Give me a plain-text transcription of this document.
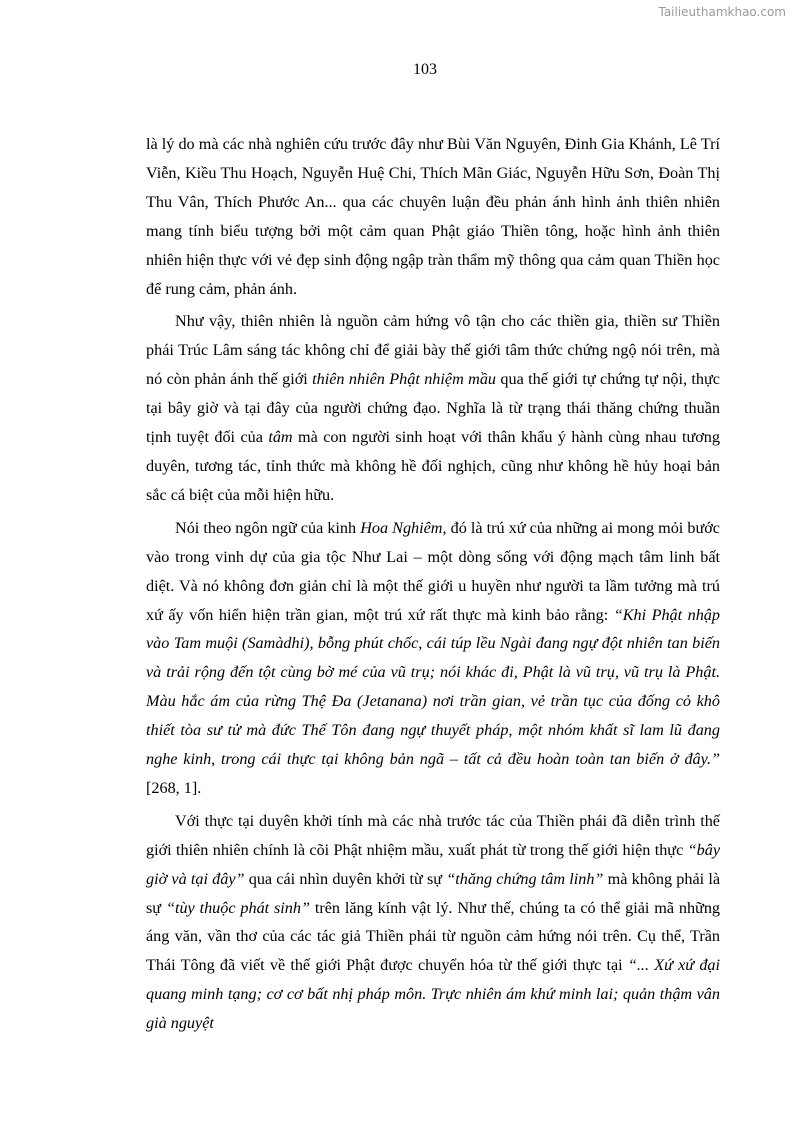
Tailieuthamkhao.com
103

là lý do mà các nhà nghiên cứu trước đây như Bùi Văn Nguyên, Đinh Gia Khánh, Lê Trí Viễn, Kiều Thu Hoạch, Nguyễn Huệ Chi, Thích Mãn Giác, Nguyễn Hữu Sơn, Đoàn Thị Thu Vân, Thích Phước An... qua các chuyên luận đều phản ánh hình ảnh thiên nhiên mang tính biểu tượng bởi một cảm quan Phật giáo Thiền tông, hoặc hình ảnh thiên nhiên hiện thực với vẻ đẹp sinh động ngập tràn thẩm mỹ thông qua cảm quan Thiền học để rung cảm, phản ánh.

Như vậy, thiên nhiên là nguồn cảm hứng vô tận cho các thiền gia, thiền sư Thiền phái Trúc Lâm sáng tác không chỉ để giải bày thế giới tâm thức chứng ngộ nói trên, mà nó còn phản ánh thế giới thiên nhiên Phật nhiệm mầu qua thế giới tự chứng tự nội, thực tại bây giờ và tại đây của người chứng đạo. Nghĩa là từ trạng thái thăng chứng thuần tịnh tuyệt đối của tâm mà con người sinh hoạt với thân khẩu ý hành cùng nhau tương duyên, tương tác, tỉnh thức mà không hề đối nghịch, cũng như không hề hủy hoại bản sắc cá biệt của mỗi hiện hữu.

Nói theo ngôn ngữ của kinh Hoa Nghiêm, đó là trú xứ của những ai mong mỏi bước vào trong vinh dự của gia tộc Như Lai – một dòng sống với động mạch tâm linh bất diệt. Và nó không đơn giản chỉ là một thế giới u huyền như người ta lầm tưởng mà trú xứ ấy vốn hiển hiện trần gian, một trú xứ rất thực mà kinh bảo rằng: “Khi Phật nhập vào Tam muội (Samàdhi), bỗng phút chốc, cái túp lều Ngài đang ngự đột nhiên tan biến và trải rộng đến tột cùng bờ mé của vũ trụ; nói khác đi, Phật là vũ trụ, vũ trụ là Phật. Màu hắc ám của rừng Thệ Đa (Jetanana) nơi trần gian, vẻ trần tục của đống cỏ khô thiết tòa sư tử mà đức Thế Tôn đang ngự thuyết pháp, một nhóm khất sĩ lam lũ đang nghe kinh, trong cái thực tại không bản ngã – tất cả đều hoàn toàn tan biến ở đây.” [268, 1].

Với thực tại duyên khởi tính mà các nhà trước tác của Thiền phái đã diễn trình thế giới thiên nhiên chính là cõi Phật nhiệm mầu, xuất phát từ trong thế giới hiện thực “bây giờ và tại đây” qua cái nhìn duyên khởi từ sự “thăng chứng tâm linh” mà không phải là sự “tùy thuộc phát sinh” trên lăng kính vật lý. Như thế, chúng ta có thể giải mã những áng văn, vần thơ của các tác giả Thiền phái từ nguồn cảm hứng nói trên. Cụ thể, Trần Thái Tông đã viết về thế giới Phật được chuyển hóa từ thế giới thực tại “... Xứ xứ đại quang minh tạng; cơ cơ bất nhị pháp môn. Trực nhiên ám khứ minh lai; quản thậm vân già nguyệt
